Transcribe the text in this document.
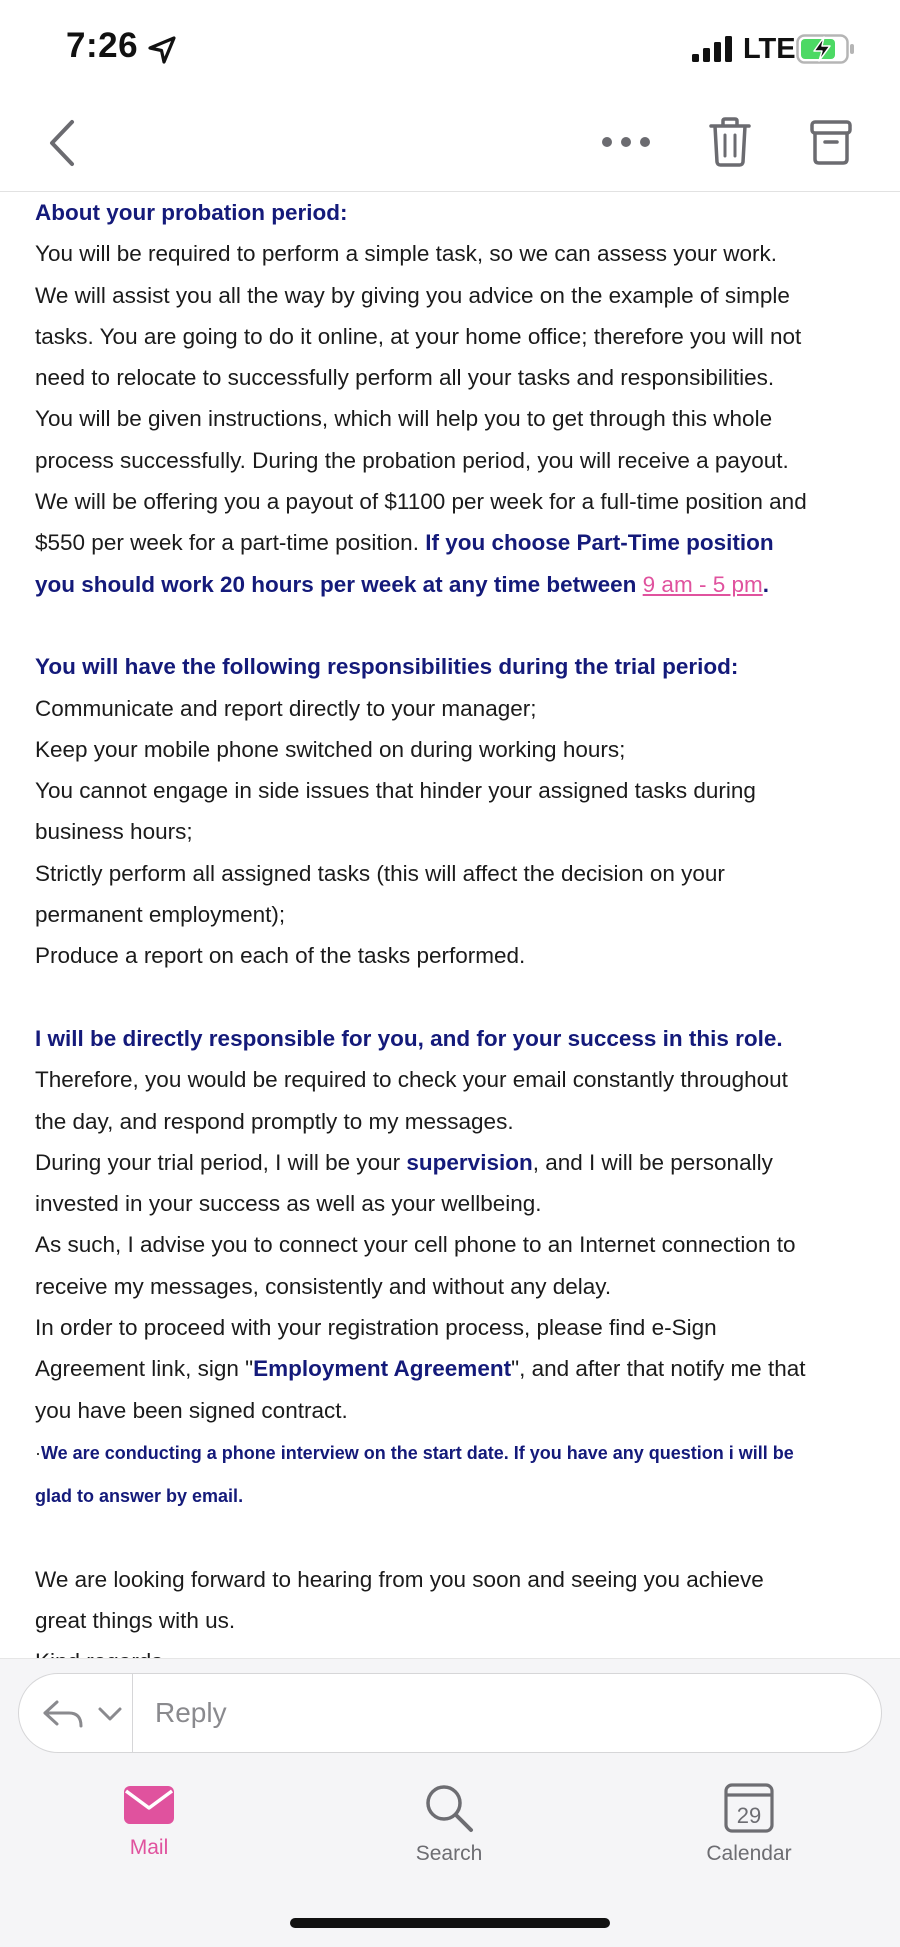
7:26	LTE
About your probation period:
You will be required to perform a simple task, so we can assess your work.
We will assist you all the way by giving you advice on the example of simple
tasks. You are going to do it online, at your home office; therefore you will not
need to relocate to successfully perform all your tasks and responsibilities.
You will be given instructions, which will help you to get through this whole
process successfully. During the probation period, you will receive a payout.
We will be offering you a payout of $1100 per week for a full-time position and
$550 per week for a part-time position. If you choose Part-Time position
you should work 20 hours per week at any time between 9 am - 5 pm.
You will have the following responsibilities during the trial period:
Communicate and report directly to your manager;
Keep your mobile phone switched on during working hours;
You cannot engage in side issues that hinder your assigned tasks during
business hours;
Strictly perform all assigned tasks (this will affect the decision on your
permanent employment);
Produce a report on each of the tasks performed.
I will be directly responsible for you, and for your success in this role.
Therefore, you would be required to check your email constantly throughout
the day, and respond promptly to my messages.
During your trial period, I will be your supervision, and I will be personally
invested in your success as well as your wellbeing.
As such, I advise you to connect your cell phone to an Internet connection to
receive my messages, consistently and without any delay.
In order to proceed with your registration process, please find e-Sign
Agreement link, sign "Employment Agreement", and after that notify me that
you have been signed contract.
·We are conducting a phone interview on the start date. If you have any question i will be
glad to answer by email.
We are looking forward to hearing from you soon and seeing you achieve
great things with us.
Reply
Mail	Search
29
Calendar
